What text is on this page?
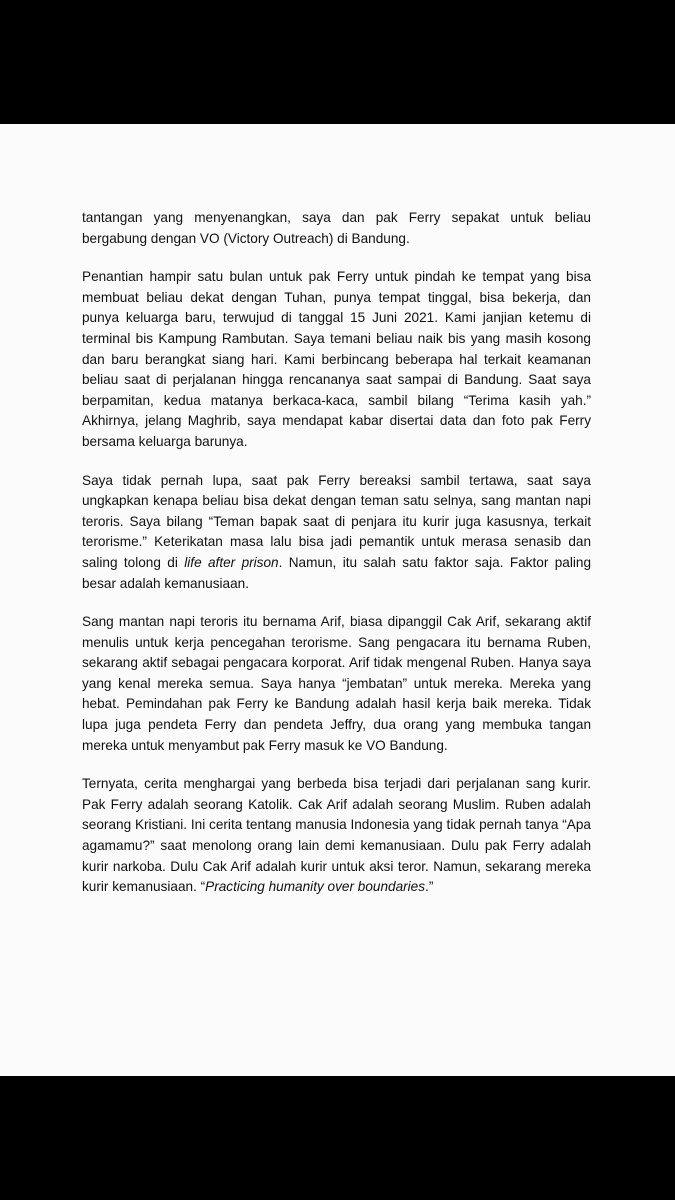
tantangan yang menyenangkan, saya dan pak Ferry sepakat untuk beliau bergabung dengan VO (Victory Outreach) di Bandung.

Penantian hampir satu bulan untuk pak Ferry untuk pindah ke tempat yang bisa membuat beliau dekat dengan Tuhan, punya tempat tinggal, bisa bekerja, dan punya keluarga baru, terwujud di tanggal 15 Juni 2021. Kami janjian ketemu di terminal bis Kampung Rambutan. Saya temani beliau naik bis yang masih kosong dan baru berangkat siang hari. Kami berbincang beberapa hal terkait keamanan beliau saat di perjalanan hingga rencananya saat sampai di Bandung. Saat saya berpamitan, kedua matanya berkaca-kaca, sambil bilang “Terima kasih yah.” Akhirnya, jelang Maghrib, saya mendapat kabar disertai data dan foto pak Ferry bersama keluarga barunya.

Saya tidak pernah lupa, saat pak Ferry bereaksi sambil tertawa, saat saya ungkapkan kenapa beliau bisa dekat dengan teman satu selnya, sang mantan napi teroris. Saya bilang “Teman bapak saat di penjara itu kurir juga kasusnya, terkait terorisme.” Keterikatan masa lalu bisa jadi pemantik untuk merasa senasib dan saling tolong di life after prison. Namun, itu salah satu faktor saja. Faktor paling besar adalah kemanusiaan.

Sang mantan napi teroris itu bernama Arif, biasa dipanggil Cak Arif, sekarang aktif menulis untuk kerja pencegahan terorisme. Sang pengacara itu bernama Ruben, sekarang aktif sebagai pengacara korporat. Arif tidak mengenal Ruben. Hanya saya yang kenal mereka semua. Saya hanya “jembatan” untuk mereka. Mereka yang hebat. Pemindahan pak Ferry ke Bandung adalah hasil kerja baik mereka. Tidak lupa juga pendeta Ferry dan pendeta Jeffry, dua orang yang membuka tangan mereka untuk menyambut pak Ferry masuk ke VO Bandung.

Ternyata, cerita menghargai yang berbeda bisa terjadi dari perjalanan sang kurir. Pak Ferry adalah seorang Katolik. Cak Arif adalah seorang Muslim. Ruben adalah seorang Kristiani. Ini cerita tentang manusia Indonesia yang tidak pernah tanya “Apa agamamu?” saat menolong orang lain demi kemanusiaan. Dulu pak Ferry adalah kurir narkoba. Dulu Cak Arif adalah kurir untuk aksi teror. Namun, sekarang mereka kurir kemanusiaan. “Practicing humanity over boundaries.”
